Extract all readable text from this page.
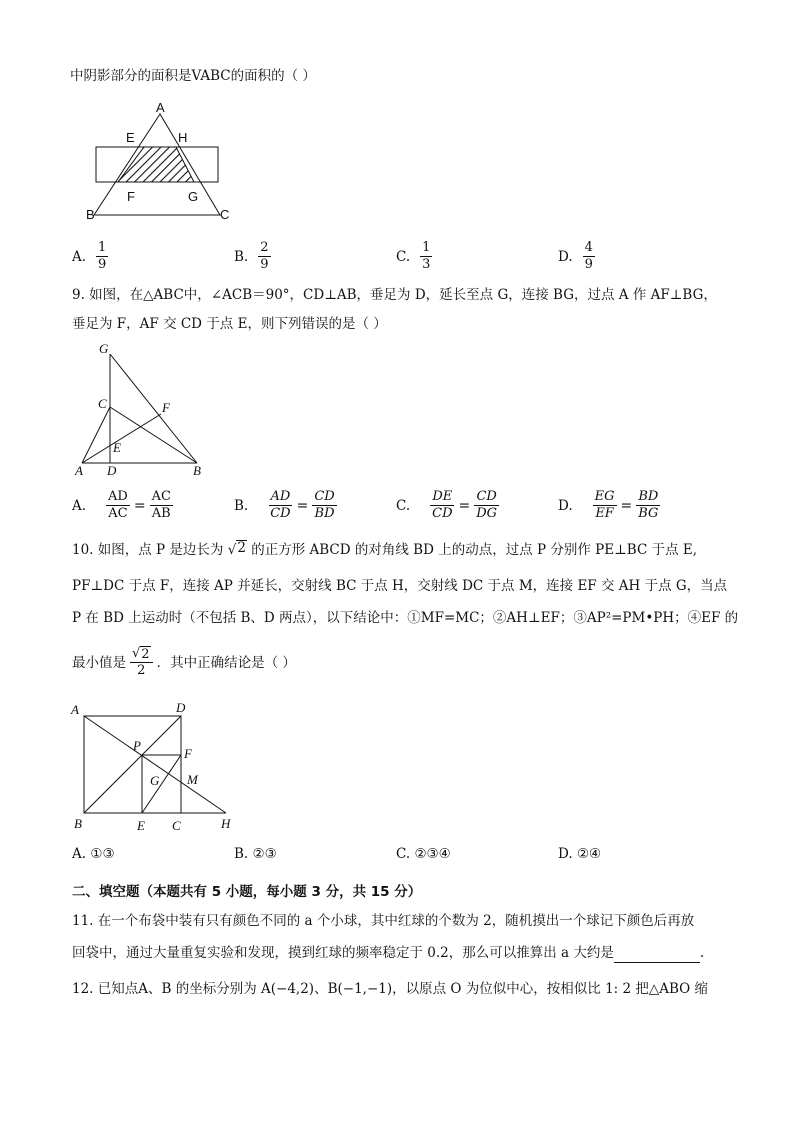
中阴影部分的面积是VABC的面积的（ ）
A
E	H
F	G
B	C
A. $\frac{1}{9}$	B. $\frac{2}{9}$	C. $\frac{1}{3}$	D. $\frac{4}{9}$
9. 如图，在△ABC中，∠ACB＝90°，CD⊥AB，垂足为 D，延长至点 G，连接 BG，过点 A 作 AF⊥BG，
垂足为 F，AF 交 CD 于点 E，则下列错误的是（ ）
G
C	F
E
A D	B
A. $\frac{AD}{AC} = \frac{AC}{AB}$	B. $\frac{AD}{CD} = \frac{CD}{BD}$	C. $\frac{DE}{CD} = \frac{CD}{DG}$	D. $\frac{EG}{EF} = \frac{BD}{BG}$
10. 如图，点 P 是边长为 √ 2 的正方形 ABCD 的对角线 BD 上的动点，过点 P 分别作 PE⊥BC 于点 E,
PF⊥DC 于点 F，连接 AP 并延长，交射线 BC 于点 H，交射线 DC 于点 M，连接 EF 交 AH 于点 G，当点
P 在 BD 上运动时（不包括 B、D 两点），以下结论中：①MF=MC；②AH⊥EF；③AP²=PM•PH；④EF 的
最小值是 $\frac{√ 2}{2}$ ．其中正确结论是（ ）
A	D
P
F
G M
B	E C	H
A.
①③	B.
②③	C.
②③④	D.
②④
二、填空题（本题共有 5 小题，每小题 3 分，共 15 分）
11. 在一个布袋中装有只有颜色不同的 a 个小球，其中红球的个数为 2，随机摸出一个球记下颜色后再放
回袋中，通过大量重复实验和发现，摸到红球的频率稳定于 0.2，那么可以推算出 a 大约是	.
12. 已知点A、B 的坐标分别为 A(−4,2)、B(−1,−1)，以原点 O 为位似中心，按相似比 1: 2 把△ABO 缩
